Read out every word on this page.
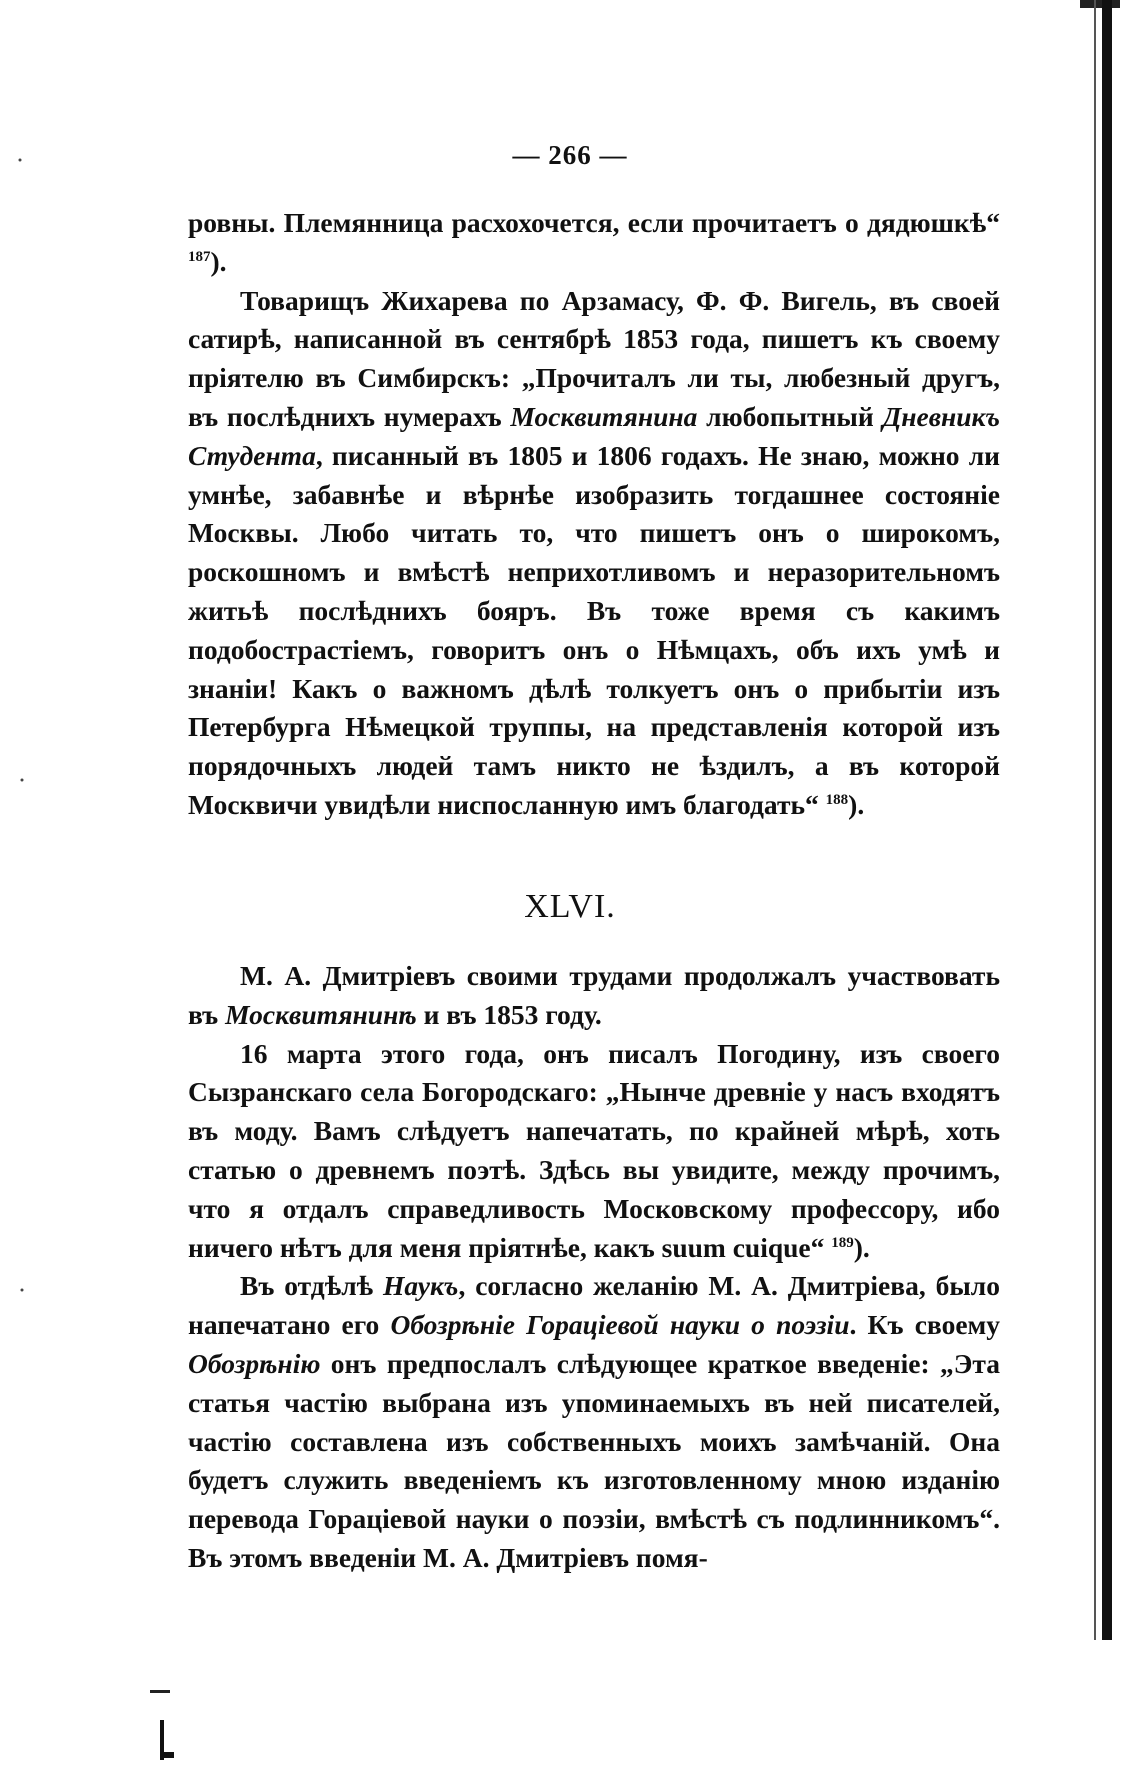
— 266 —

ровны. Племянница расхохочется, если прочитаетъ о дядюшкѣ“ $^{187}$).

Товарищъ Жихарева по Арзамасу, Ф. Ф. Вигель, въ своей сатирѣ, написанной въ сентябрѣ 1853 года, пишетъ къ своему пріятелю въ Симбирскъ: „Прочиталъ ли ты, любезный другъ, въ послѣднихъ нумерахъ Москвитянина любопытный Дневникъ Студента, писанный въ 1805 и 1806 годахъ. Не знаю, можно ли умнѣе, забавнѣе и вѣрнѣе изобразить тогдашнее состояніе Москвы. Любо читать то, что пишетъ онъ о широкомъ, роскошномъ и вмѣстѣ неприхотливомъ и неразорительномъ житьѣ послѣднихъ бояръ. Въ тоже время съ какимъ подобострастіемъ, говоритъ онъ о Нѣмцахъ, объ ихъ умѣ и знаніи! Какъ о важномъ дѣлѣ толкуетъ онъ о прибытіи изъ Петербурга Нѣмецкой труппы, на представленія которой изъ порядочныхъ людей тамъ никто не ѣздилъ, а въ которой Москвичи увидѣли ниспосланную имъ благодать“ $^{188}$).

XLVI.

М. А. Дмитріевъ своими трудами продолжалъ участвовать въ Москвитянинѣ и въ 1853 году.

16 марта этого года, онъ писалъ Погодину, изъ своего Сызранскаго села Богородскаго: „Нынче древніе у насъ входятъ въ моду. Вамъ слѣдуетъ напечатать, по крайней мѣрѣ, хоть статью о древнемъ поэтѣ. Здѣсь вы увидите, между прочимъ, что я отдалъ справедливость Московскому профессору, ибо ничего нѣтъ для меня пріятнѣе, какъ suum cuique“ $^{189}$).

Въ отдѣлѣ Наукъ, согласно желанію М. А. Дмитріева, было напечатано его Обозрѣніе Гораціевой науки о поэзіи. Къ своему Обозрѣнію онъ предпослалъ слѣдующее краткое введеніе: „Эта статья частію выбрана изъ упоминаемыхъ въ ней писателей, частію составлена изъ собственныхъ моихъ замѣчаній. Она будетъ служить введеніемъ къ изготовленному мною изданію перевода Гораціевой науки о поэзіи, вмѣстѣ съ подлинникомъ“. Въ этомъ введеніи М. А. Дмитріевъ помя-
